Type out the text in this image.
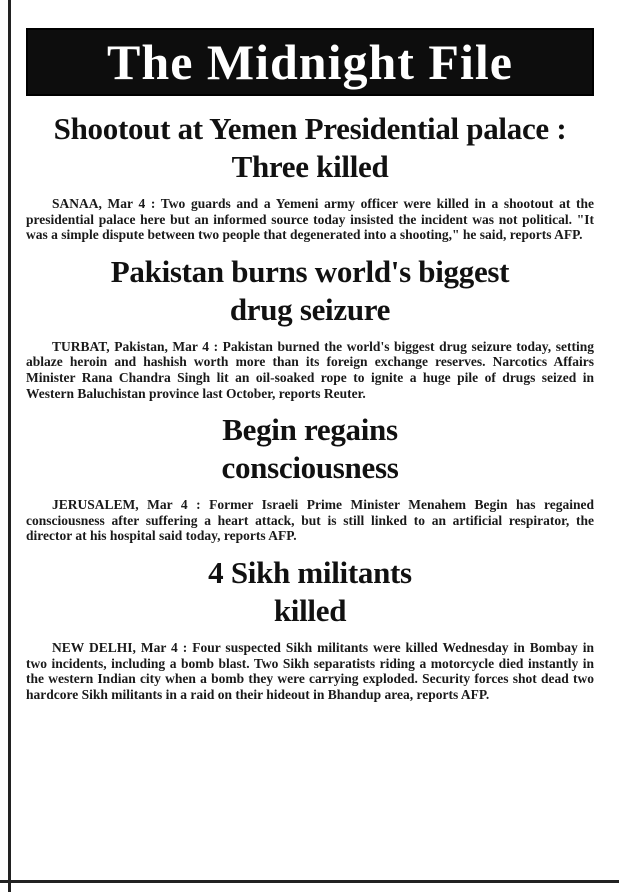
The Midnight File
Shootout at Yemen Presidential palace : Three killed

SANAA, Mar 4 : Two guards and a Yemeni army officer were killed in a shootout at the presidential palace here but an informed source today insisted the incident was not political. "It was a simple dispute between two people that degenerated into a shooting," he said, reports AFP.

Pakistan burns world's biggest drug seizure

TURBAT, Pakistan, Mar 4 : Pakistan burned the world's biggest drug seizure today, setting ablaze heroin and hashish worth more than its foreign exchange reserves. Narcotics Affairs Minister Rana Chandra Singh lit an oil-soaked rope to ignite a huge pile of drugs seized in Western Baluchistan province last October, reports Reuter.

Begin regains consciousness

JERUSALEM, Mar 4 : Former Israeli Prime Minister Menahem Begin has regained consciousness after suffering a heart attack, but is still linked to an artificial respirator, the director at his hospital said today, reports AFP.

4 Sikh militants killed

NEW DELHI, Mar 4 : Four suspected Sikh militants were killed Wednesday in Bombay in two incidents, including a bomb blast. Two Sikh separatists riding a motorcycle died instantly in the western Indian city when a bomb they were carrying exploded. Security forces shot dead two hardcore Sikh militants in a raid on their hideout in Bhandup area, reports AFP.
